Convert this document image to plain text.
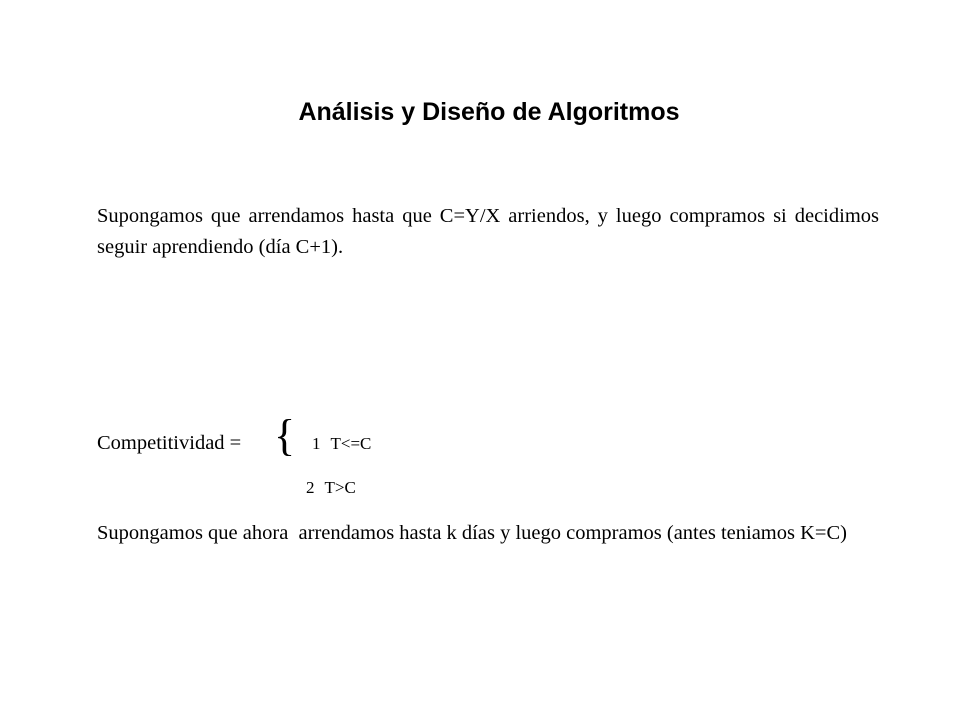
Análisis y Diseño de Algoritmos
Supongamos que arrendamos hasta que C=Y/X arriendos, y luego compramos si decidimos seguir aprendiendo (día C+1).
Competitividad = { 1 T<=C
2 T>C
Supongamos que ahora  arrendamos hasta k días y luego compramos (antes teniamos K=C)
